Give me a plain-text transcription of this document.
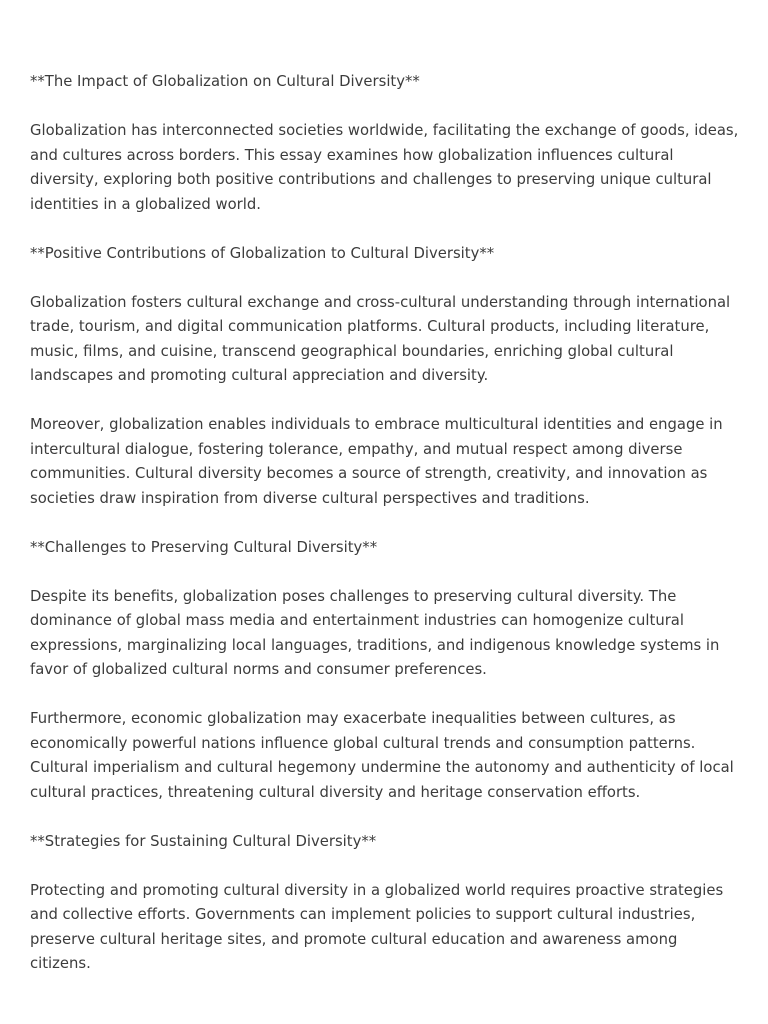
**The Impact of Globalization on Cultural Diversity**

Globalization has interconnected societies worldwide, facilitating the exchange of goods, ideas, and cultures across borders. This essay examines how globalization influences cultural diversity, exploring both positive contributions and challenges to preserving unique cultural identities in a globalized world.

**Positive Contributions of Globalization to Cultural Diversity**

Globalization fosters cultural exchange and cross-cultural understanding through international trade, tourism, and digital communication platforms. Cultural products, including literature, music, films, and cuisine, transcend geographical boundaries, enriching global cultural landscapes and promoting cultural appreciation and diversity.

Moreover, globalization enables individuals to embrace multicultural identities and engage in intercultural dialogue, fostering tolerance, empathy, and mutual respect among diverse communities. Cultural diversity becomes a source of strength, creativity, and innovation as societies draw inspiration from diverse cultural perspectives and traditions.

**Challenges to Preserving Cultural Diversity**

Despite its benefits, globalization poses challenges to preserving cultural diversity. The dominance of global mass media and entertainment industries can homogenize cultural expressions, marginalizing local languages, traditions, and indigenous knowledge systems in favor of globalized cultural norms and consumer preferences.

Furthermore, economic globalization may exacerbate inequalities between cultures, as economically powerful nations influence global cultural trends and consumption patterns. Cultural imperialism and cultural hegemony undermine the autonomy and authenticity of local cultural practices, threatening cultural diversity and heritage conservation efforts.

**Strategies for Sustaining Cultural Diversity**

Protecting and promoting cultural diversity in a globalized world requires proactive strategies and collective efforts. Governments can implement policies to support cultural industries, preserve cultural heritage sites, and promote cultural education and awareness among citizens.
